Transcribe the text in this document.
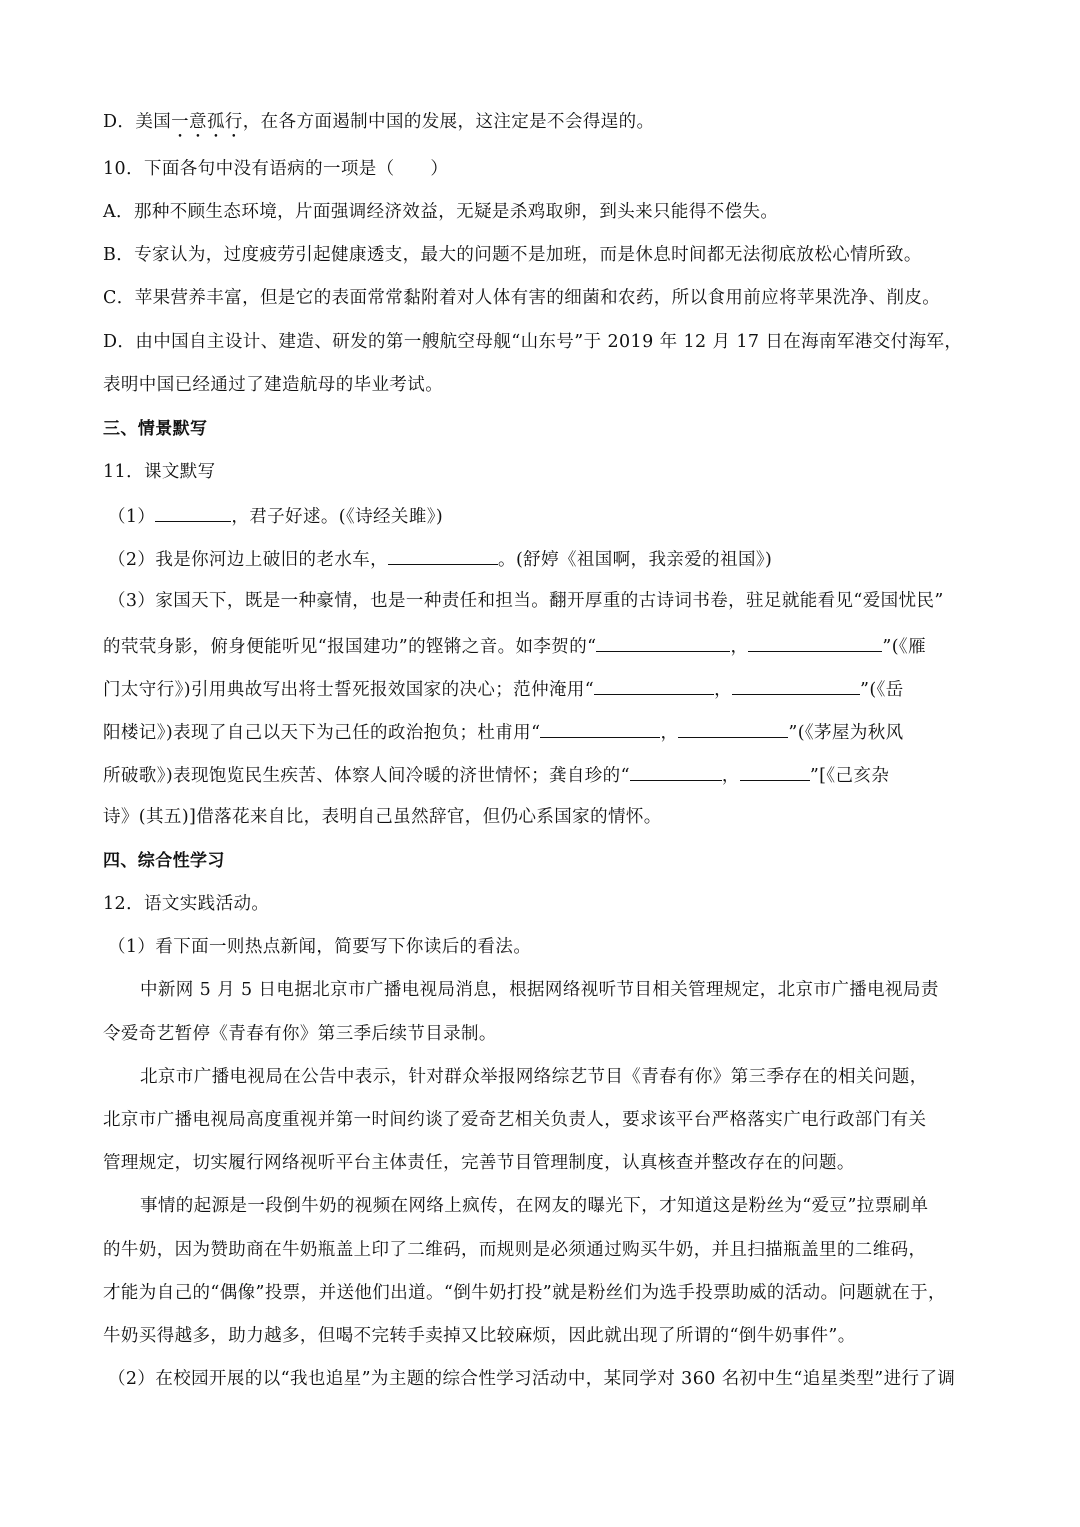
D．美国一意孤行，在各方面遏制中国的发展，这注定是不会得逞的。
10．下面各句中没有语病的一项是（　　）
A．那种不顾生态环境，片面强调经济效益，无疑是杀鸡取卵，到头来只能得不偿失。
B．专家认为，过度疲劳引起健康透支，最大的问题不是加班，而是休息时间都无法彻底放松心情所致。
C．苹果营养丰富，但是它的表面常常黏附着对人体有害的细菌和农药，所以食用前应将苹果洗净、削皮。
D．由中国自主设计、建造、研发的第一艘航空母舰“山东号”于 2019 年 12 月 17 日在海南军港交付海军，
表明中国已经通过了建造航母的毕业考试。
三、情景默写
11．课文默写
（1）	，君子好逑。(《诗经关雎》)
（2）我是你河边上破旧的老水车，	。(舒婷《祖国啊，我亲爱的祖国》)
（3）家国天下，既是一种豪情，也是一种责任和担当。翻开厚重的古诗词书卷，驻足就能看见“爱国忧民”
的茕茕身影，俯身便能听见“报国建功”的铿锵之音。如李贺的“	，	”(《雁
门太守行》)引用典故写出将士誓死报效国家的决心；范仲淹用“	，	”(《岳
阳楼记》)表现了自己以天下为己任的政治抱负；杜甫用“	，	”(《茅屋为秋风
所破歌》)表现饱览民生疾苦、体察人间冷暖的济世情怀；龚自珍的“	，	”[《己亥杂
诗》(其五)]借落花来自比，表明自己虽然辞官，但仍心系国家的情怀。
四、综合性学习
12．语文实践活动。
（1）看下面一则热点新闻，简要写下你读后的看法。
中新网 5 月 5 日电据北京市广播电视局消息，根据网络视听节目相关管理规定，北京市广播电视局责
令爱奇艺暂停《青春有你》第三季后续节目录制。
北京市广播电视局在公告中表示，针对群众举报网络综艺节目《青春有你》第三季存在的相关问题，
北京市广播电视局高度重视并第一时间约谈了爱奇艺相关负责人，要求该平台严格落实广电行政部门有关
管理规定，切实履行网络视听平台主体责任，完善节目管理制度，认真核查并整改存在的问题。
事情的起源是一段倒牛奶的视频在网络上疯传，在网友的曝光下，才知道这是粉丝为“爱豆”拉票刷单
的牛奶，因为赞助商在牛奶瓶盖上印了二维码，而规则是必须通过购买牛奶，并且扫描瓶盖里的二维码，
才能为自己的“偶像”投票，并送他们出道。“倒牛奶打投”就是粉丝们为选手投票助威的活动。问题就在于，
牛奶买得越多，助力越多，但喝不完转手卖掉又比较麻烦，因此就出现了所谓的“倒牛奶事件”。
（2）在校园开展的以“我也追星”为主题的综合性学习活动中，某同学对 360 名初中生“追星类型”进行了调
